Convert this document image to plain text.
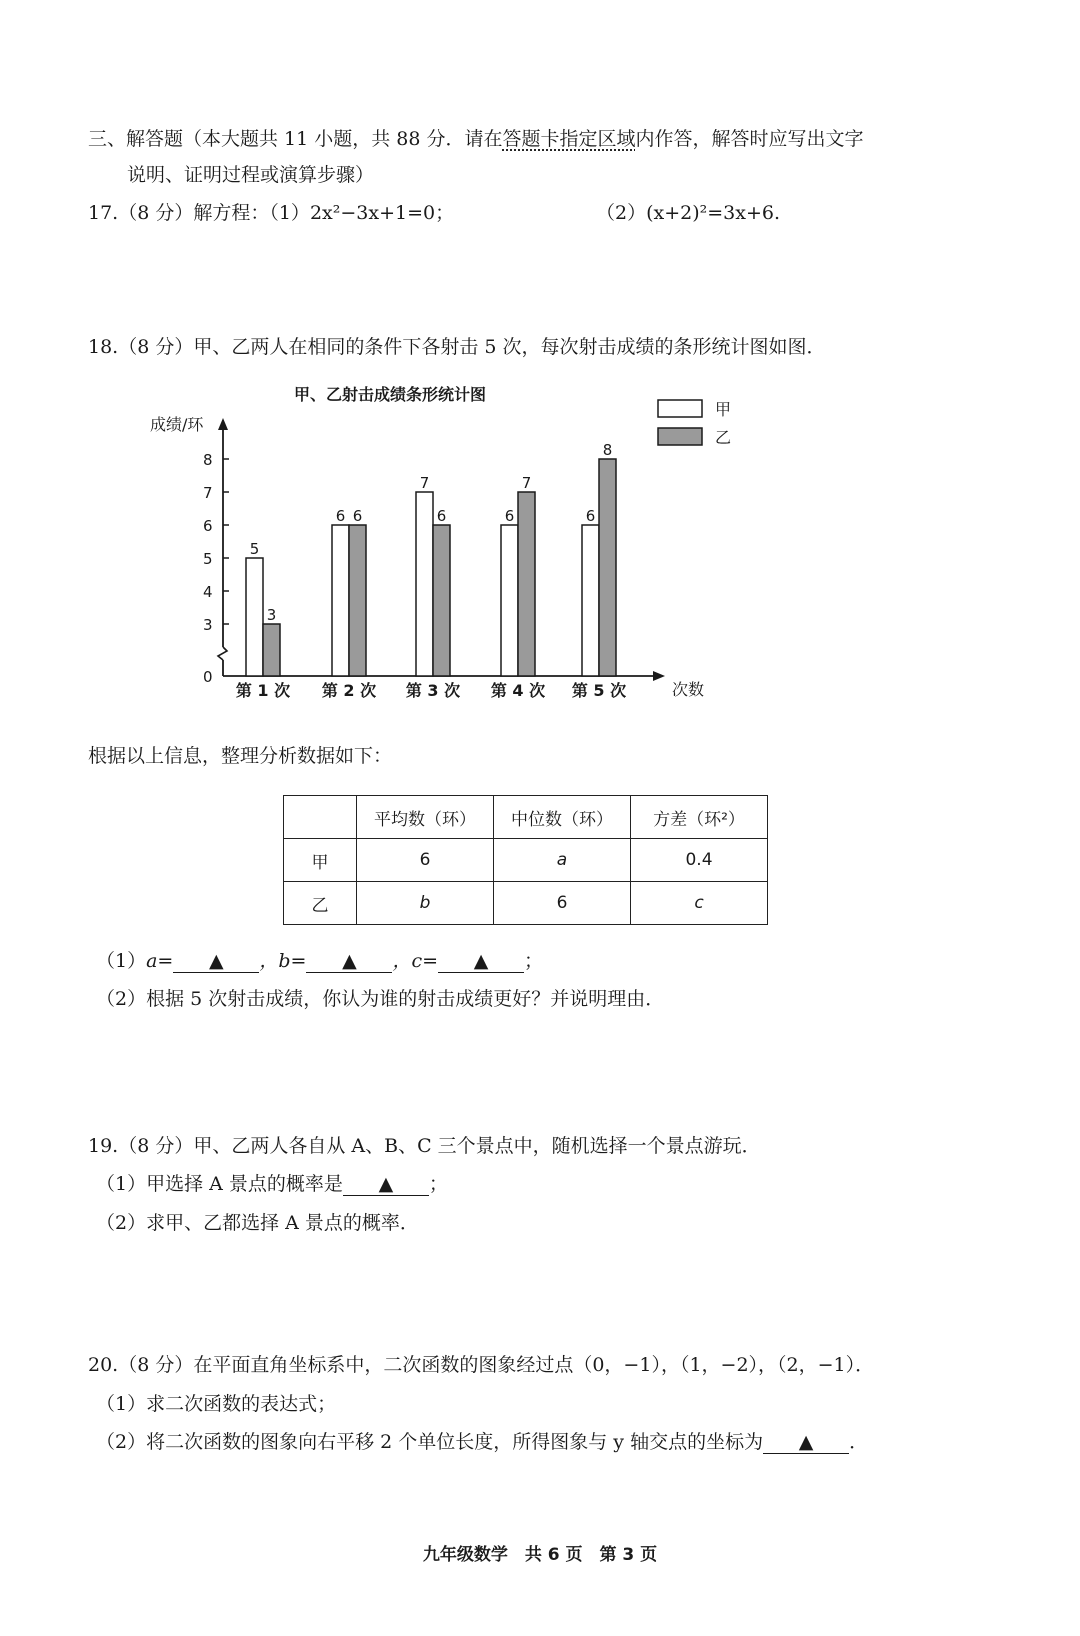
三、解答题（本大题共 11 小题，共 88 分．请在答题卡指定区域内作答，解答时应写出文字
说明、证明过程或演算步骤）
17.（8 分）解方程：（1）2x²−3x+1=0；	（2）(x+2)²=3x+6.
18.（8 分）甲、乙两人在相同的条件下各射击 5 次，每次射击成绩的条形统计图如图．
甲、乙射击成绩条形统计图
成绩/环
次数
甲
乙
0
3
4
5
6
7
8
5
3
第 1 次
6 6
第 2 次
7
6
第 3 次
6
7
第 4 次
6
8
第 5 次
根据以上信息，整理分析数据如下：
	平均数（环）	中位数（环）	方差（环²）
甲	6	a	0.4
乙	b	6	c
（1）a= ▲ ，b= ▲ ，c= ▲ ；
（2）根据 5 次射击成绩，你认为谁的射击成绩更好？并说明理由．
19.（8 分）甲、乙两人各自从 A、B、C 三个景点中，随机选择一个景点游玩．
（1）甲选择 A 景点的概率是 ▲ ；
（2）求甲、乙都选择 A 景点的概率．
20.（8 分）在平面直角坐标系中，二次函数的图象经过点（0，−1），（1，−2），（2，−1）．
（1）求二次函数的表达式；
（2）将二次函数的图象向右平移 2 个单位长度，所得图象与 y 轴交点的坐标为 ▲ ．
九年级数学　共 6 页　第 3 页
